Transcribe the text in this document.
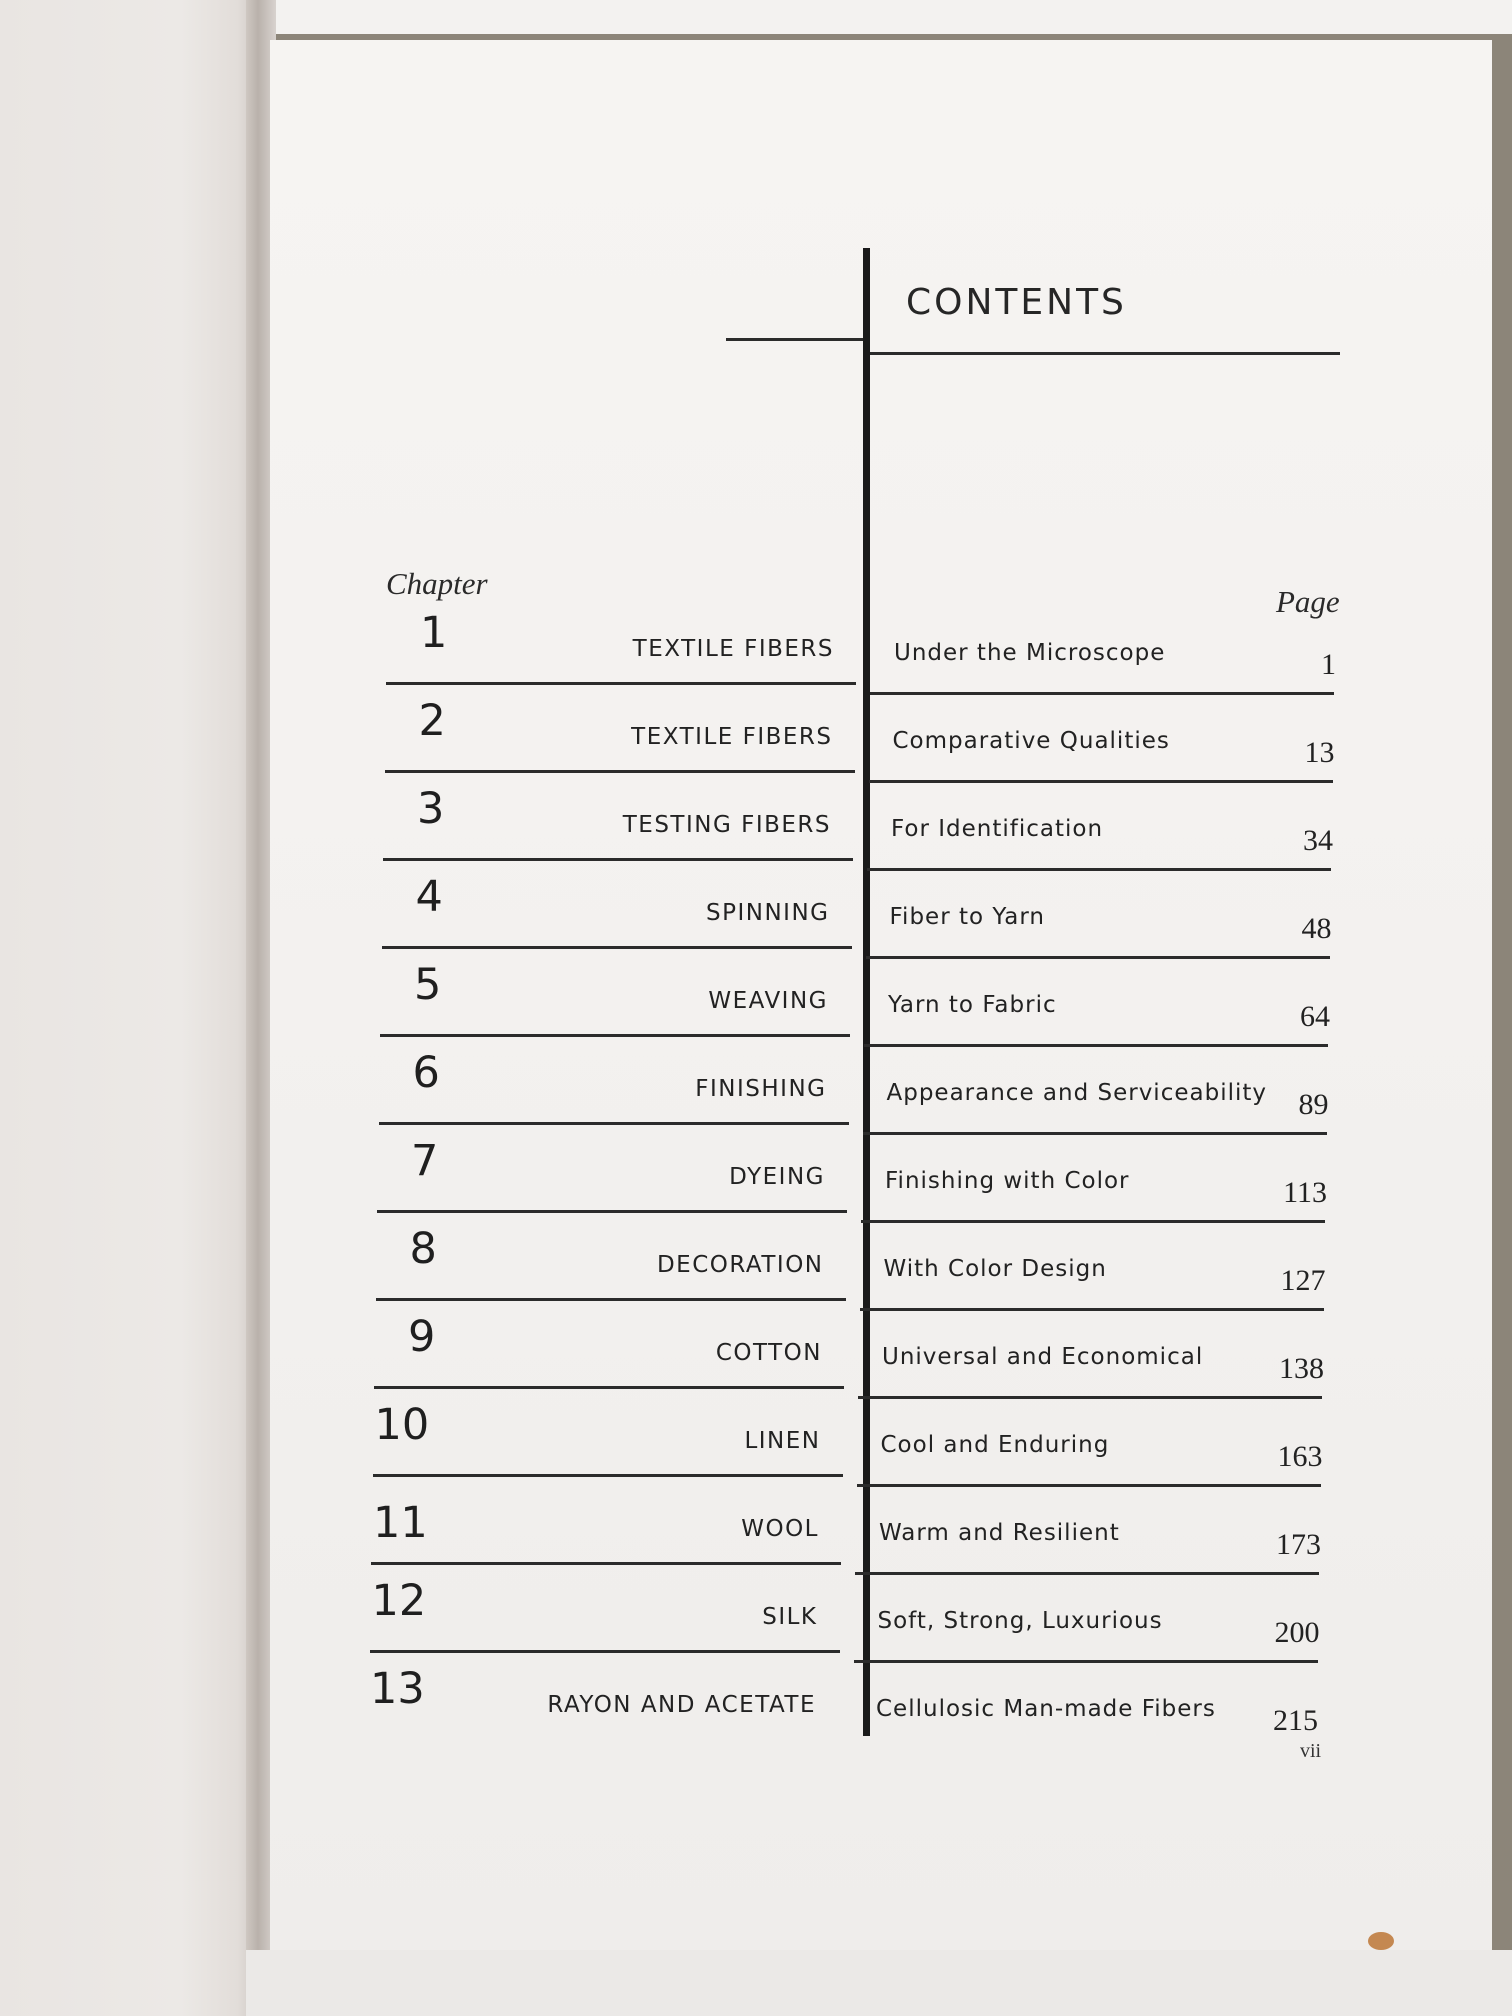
CONTENTS
Chapter
Page
1	TEXTILE FIBERS	Under the Microscope	1
2	TEXTILE FIBERS	Comparative Qualities	13
3	TESTING FIBERS	For Identification	34
4	SPINNING	Fiber to Yarn	48
5	WEAVING	Yarn to Fabric	64
6	FINISHING	Appearance and Serviceability	89
7	DYEING	Finishing with Color	113
8	DECORATION	With Color Design	127
9	COTTON	Universal and Economical	138
10	LINEN	Cool and Enduring	163
11	WOOL	Warm and Resilient	173
12	SILK	Soft, Strong, Luxurious	200
13	RAYON AND ACETATE	Cellulosic Man-made Fibers	215
vii
